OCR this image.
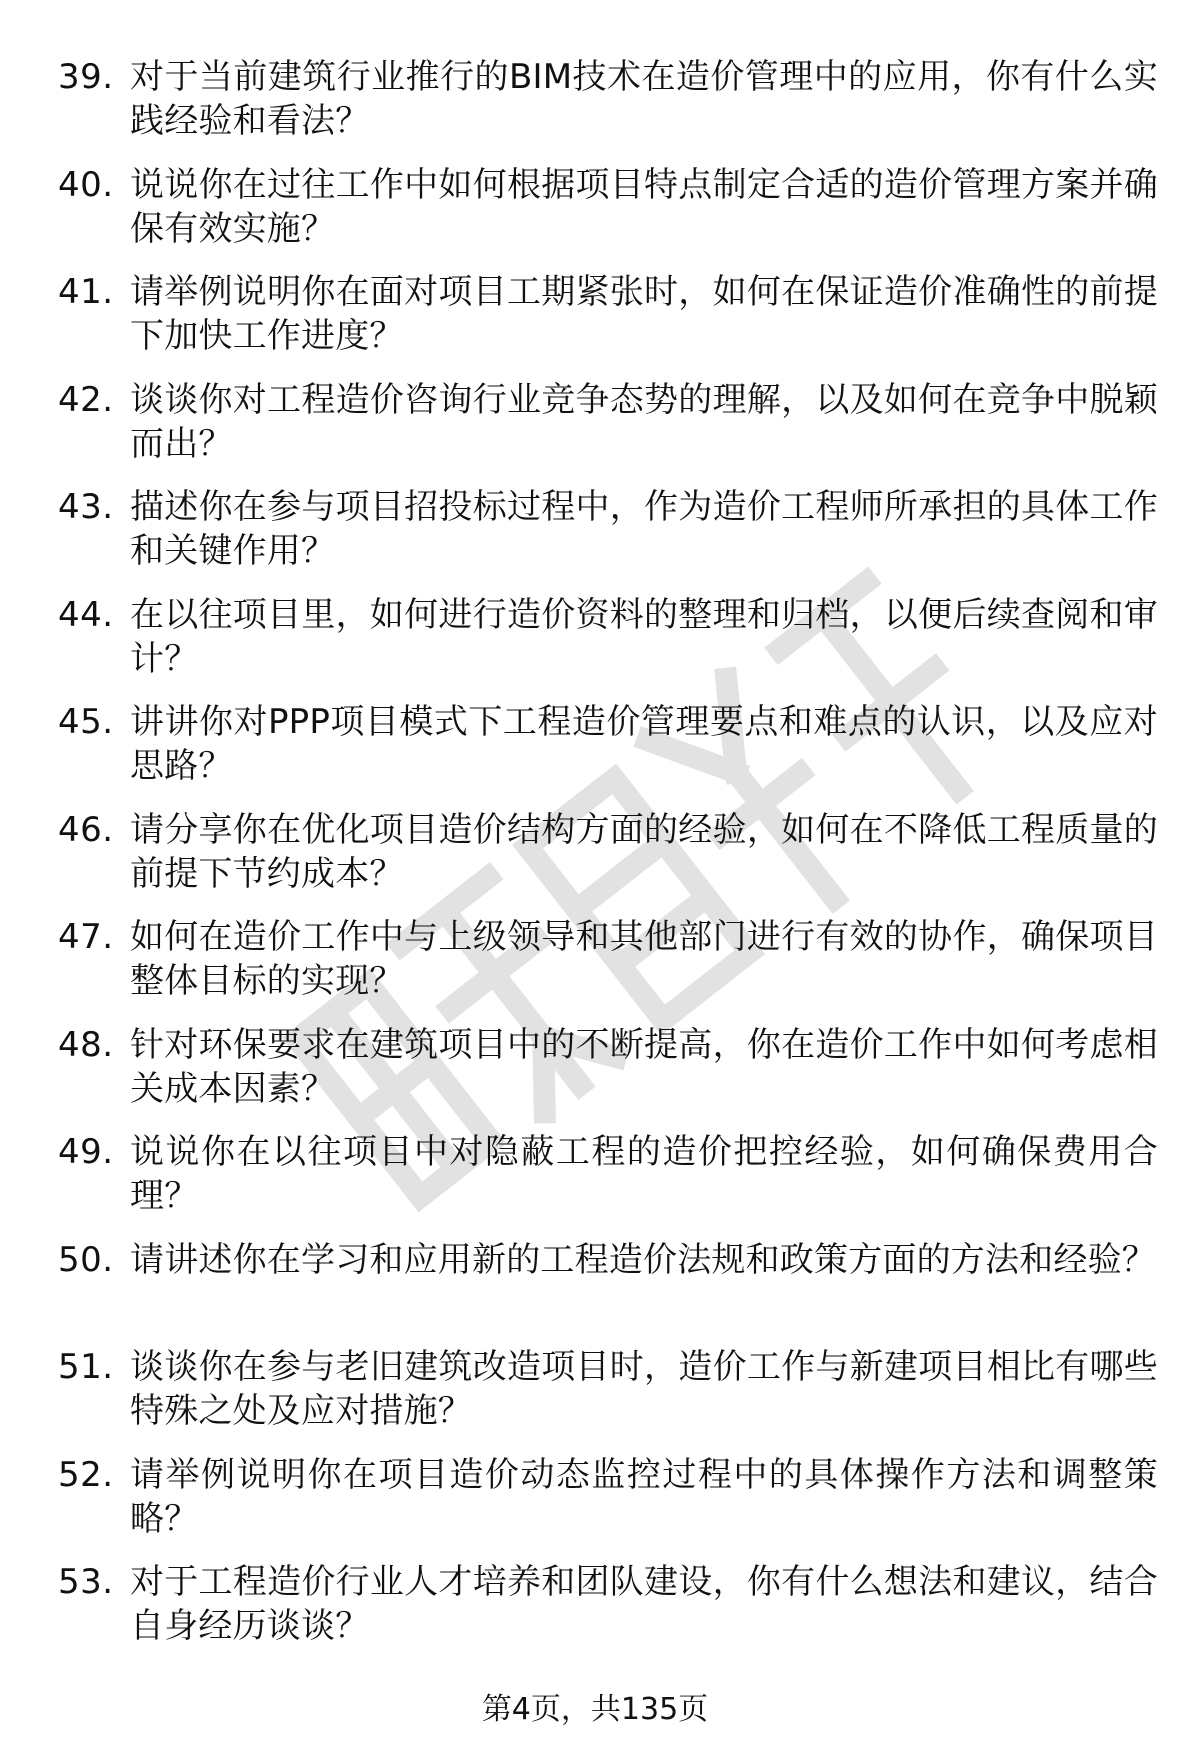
39. 对于当前建筑行业推行的BIM技术在造价管理中的应用，你有什么实践经验和看法？
40. 说说你在过往工作中如何根据项目特点制定合适的造价管理方案并确保有效实施？
41. 请举例说明你在面对项目工期紧张时，如何在保证造价准确性的前提下加快工作进度？
42. 谈谈你对工程造价咨询行业竞争态势的理解，以及如何在竞争中脱颖而出？
43. 描述你在参与项目招投标过程中，作为造价工程师所承担的具体工作和关键作用？
44. 在以往项目里，如何进行造价资料的整理和归档，以便后续查阅和审计？
45. 讲讲你对PPP项目模式下工程造价管理要点和难点的认识，以及应对思路？
46. 请分享你在优化项目造价结构方面的经验，如何在不降低工程质量的前提下节约成本？
47. 如何在造价工作中与上级领导和其他部门进行有效的协作，确保项目整体目标的实现？
48. 针对环保要求在建筑项目中的不断提高，你在造价工作中如何考虑相关成本因素？
49. 说说你在以往项目中对隐蔽工程的造价把控经验，如何确保费用合理？
50. 请讲述你在学习和应用新的工程造价法规和政策方面的方法和经验？
51. 谈谈你在参与老旧建筑改造项目时，造价工作与新建项目相比有哪些特殊之处及应对措施？
52. 请举例说明你在项目造价动态监控过程中的具体操作方法和调整策略？
53. 对于工程造价行业人才培养和团队建设，你有什么想法和建议，结合自身经历谈谈？
第4页，共135页
